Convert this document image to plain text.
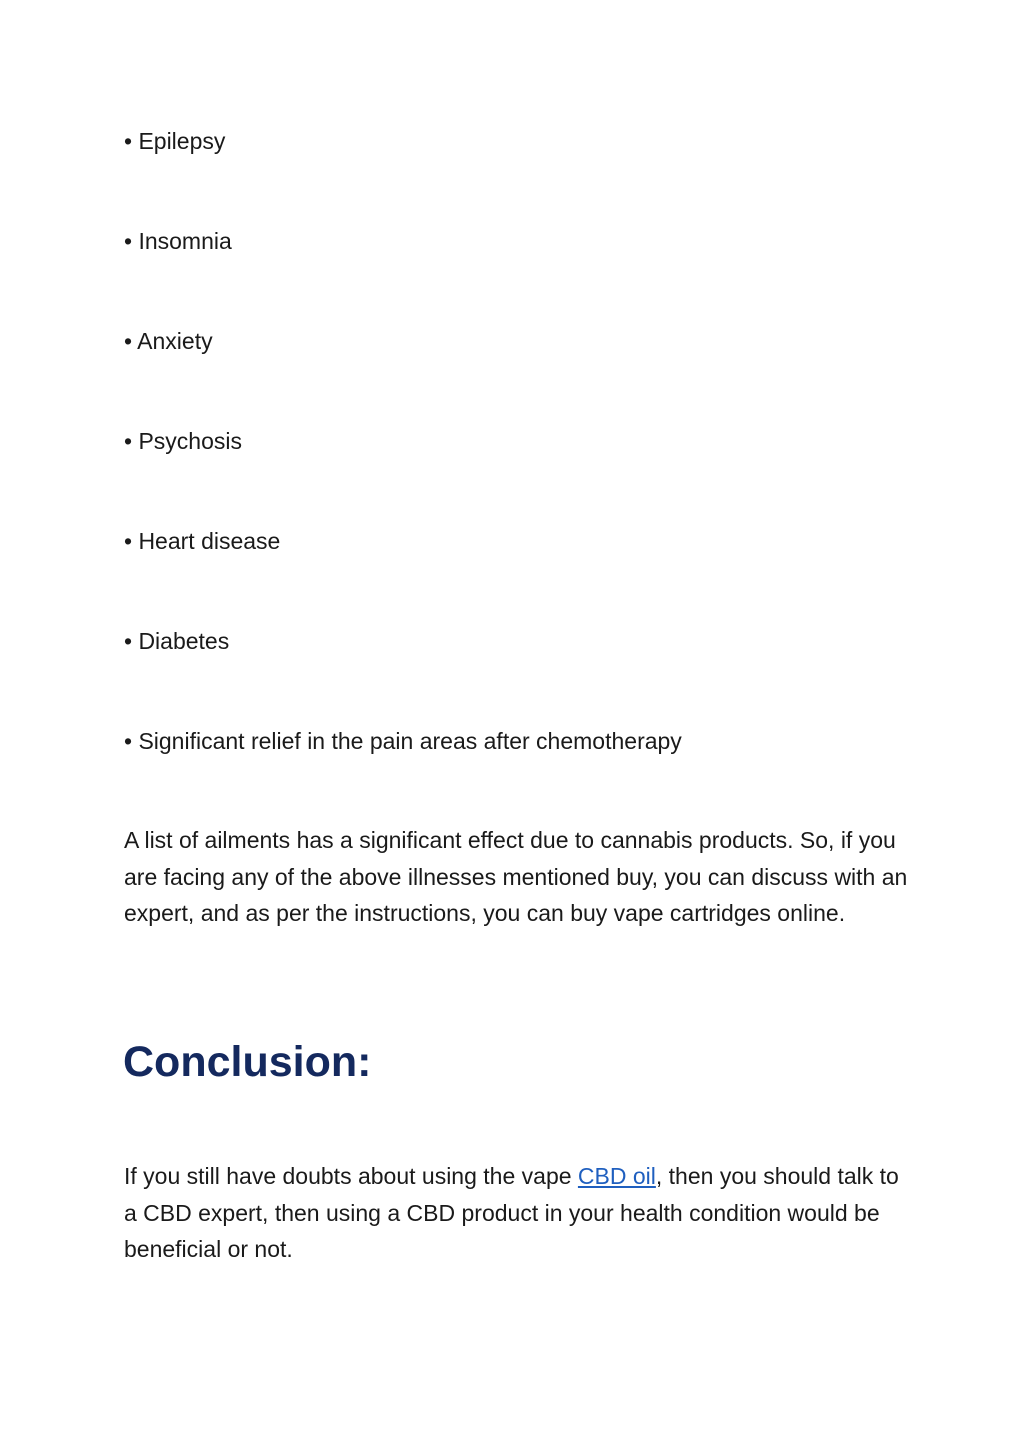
• Epilepsy
• Insomnia
• Anxiety
• Psychosis
• Heart disease
• Diabetes
• Significant relief in the pain areas after chemotherapy

A list of ailments has a significant effect due to cannabis products. So, if you are facing any of the above illnesses mentioned buy, you can discuss with an expert, and as per the instructions, you can buy vape cartridges online.

Conclusion:

If you still have doubts about using the vape CBD oil, then you should talk to a CBD expert, then using a CBD product in your health condition would be beneficial or not.
